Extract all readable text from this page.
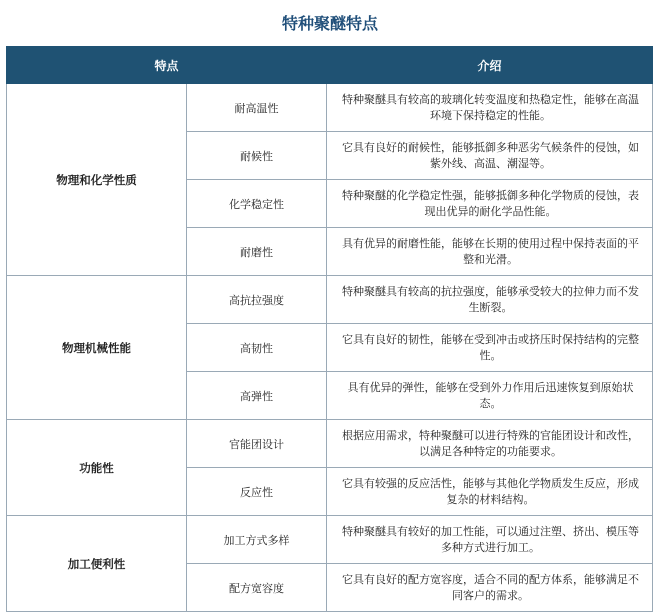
特种聚醚特点
特点		介绍
物理和化学性质	耐高温性	特种聚醚具有较高的玻璃化转变温度和热稳定性，能够在高温环境下保持稳定的性能。
	耐候性	它具有良好的耐候性，能够抵御多种恶劣气候条件的侵蚀，如紫外线、高温、潮湿等。
	化学稳定性	特种聚醚的化学稳定性强，能够抵御多种化学物质的侵蚀，表现出优异的耐化学品性能。
	耐磨性	具有优异的耐磨性能，能够在长期的使用过程中保持表面的平整和光滑。
物理机械性能	高抗拉强度	特种聚醚具有较高的抗拉强度，能够承受较大的拉伸力而不发生断裂。
	高韧性	它具有良好的韧性，能够在受到冲击或挤压时保持结构的完整性。
	高弹性	具有优异的弹性，能够在受到外力作用后迅速恢复到原始状态。
功能性	官能团设计	根据应用需求，特种聚醚可以进行特殊的官能团设计和改性，以满足各种特定的功能要求。
	反应性	它具有较强的反应活性，能够与其他化学物质发生反应，形成复杂的材料结构。
加工便利性	加工方式多样	特种聚醚具有较好的加工性能，可以通过注塑、挤出、模压等多种方式进行加工。
	配方宽容度	它具有良好的配方宽容度，适合不同的配方体系，能够满足不同客户的需求。
